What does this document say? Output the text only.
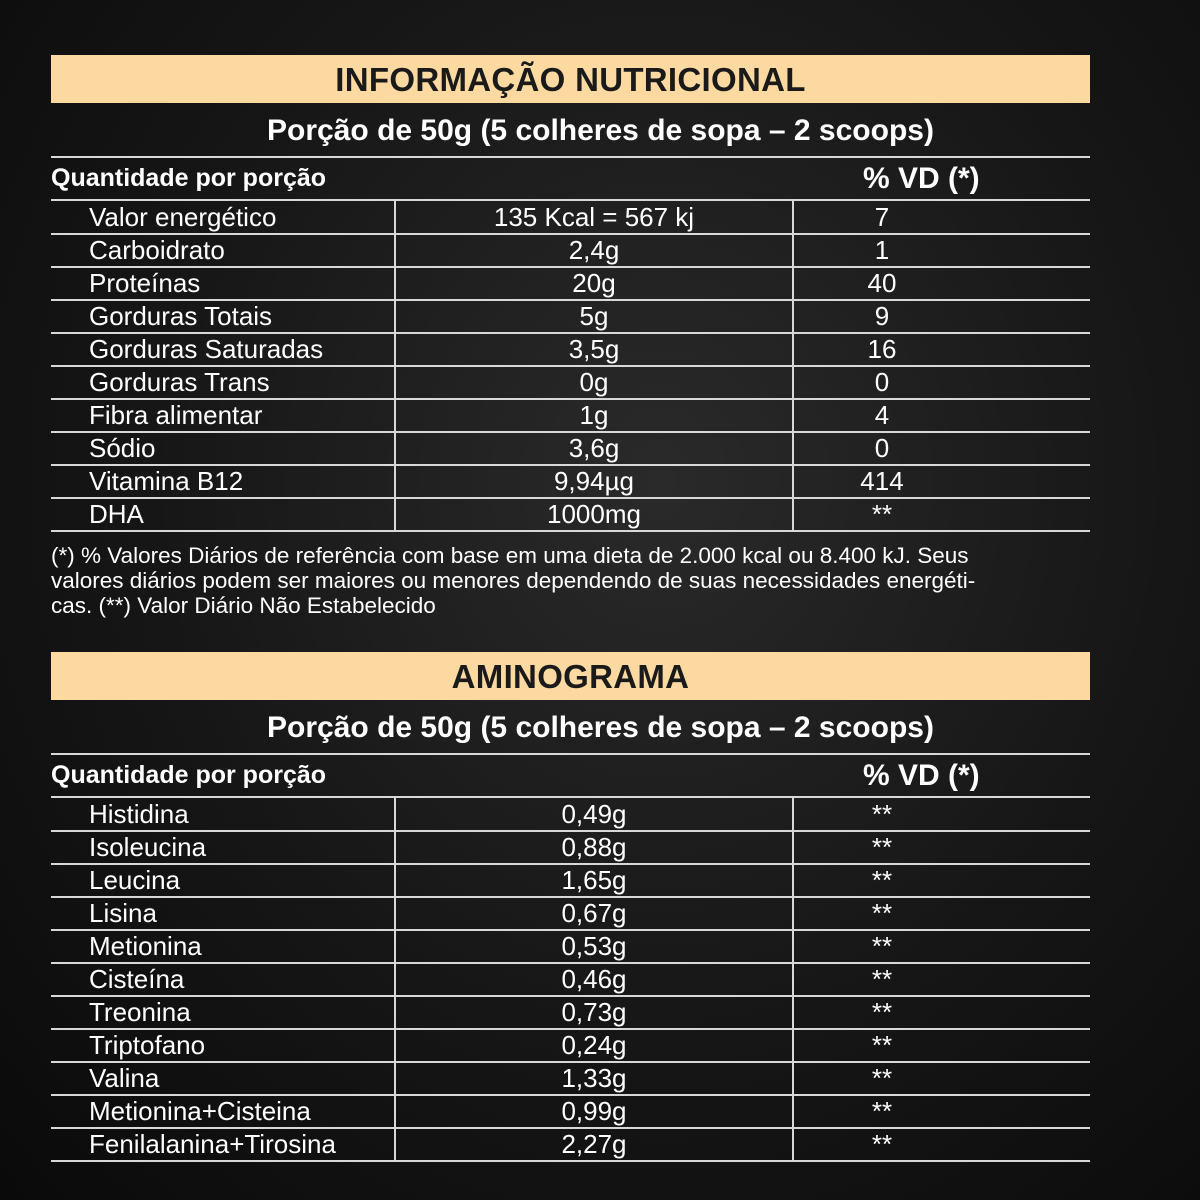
INFORMAÇÃO NUTRICIONAL
Porção de 50g (5 colheres de sopa – 2 scoops)
Quantidade por porção	% VD (*)
Valor energético	135 Kcal = 567 kj	7
Carboidrato	2,4g	1
Proteínas	20g	40
Gorduras Totais	5g	9
Gorduras Saturadas	3,5g	16
Gorduras Trans	0g	0
Fibra alimentar	1g	4
Sódio	3,6g	0
Vitamina B12	9,94µg	414
DHA	1000mg	**
(*) % Valores Diários de referência com base em uma dieta de 2.000 kcal ou 8.400 kJ. Seus
valores diários podem ser maiores ou menores dependendo de suas necessidades energéti-
cas. (**) Valor Diário Não Estabelecido
AMINOGRAMA
Porção de 50g (5 colheres de sopa – 2 scoops)
Quantidade por porção	% VD (*)
Histidina	0,49g	**
Isoleucina	0,88g	**
Leucina	1,65g	**
Lisina	0,67g	**
Metionina	0,53g	**
Cisteína	0,46g	**
Treonina	0,73g	**
Triptofano	0,24g	**
Valina	1,33g	**
Metionina+Cisteina	0,99g	**
Fenilalanina+Tirosina	2,27g	**
